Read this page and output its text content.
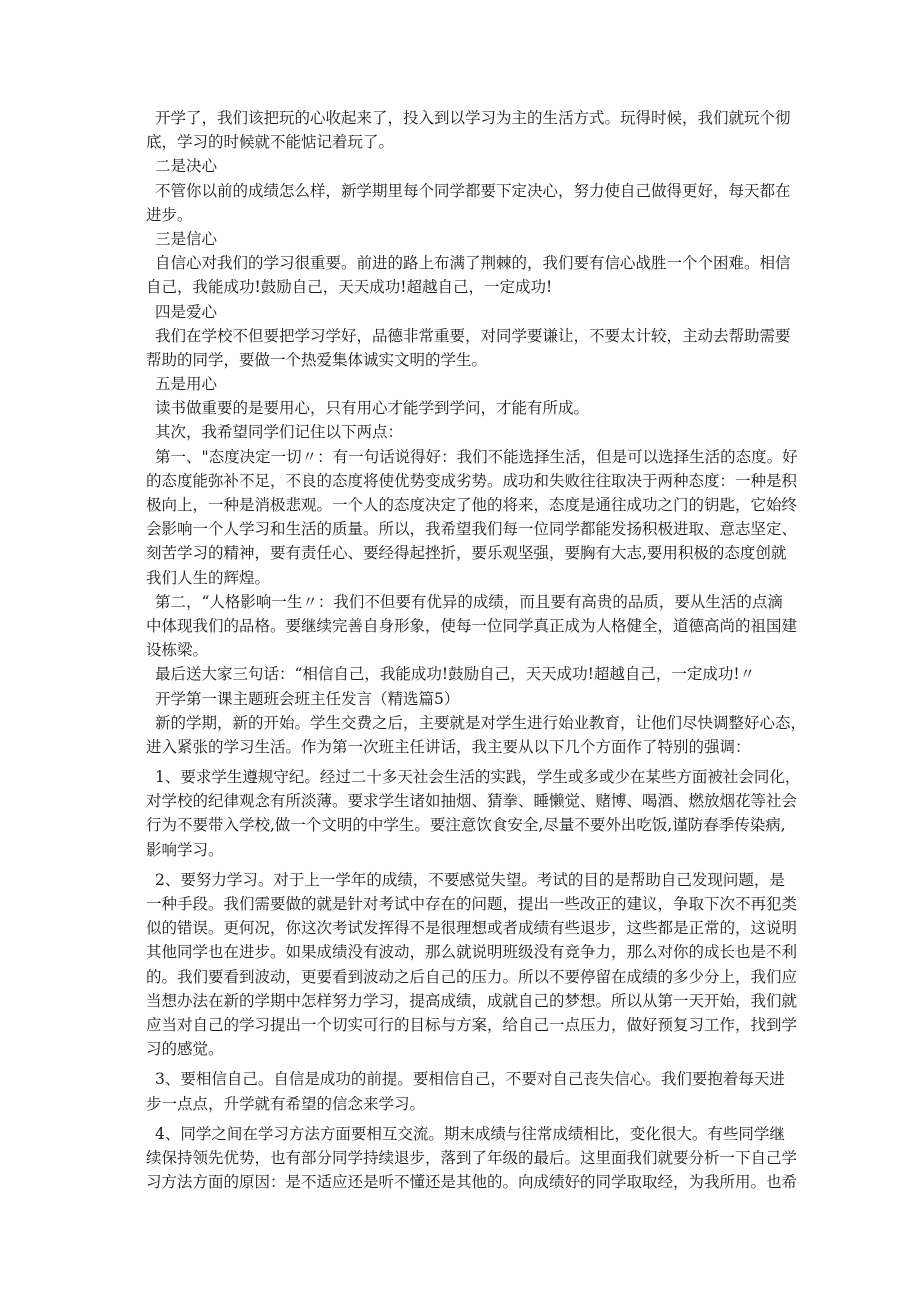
开学了，我们该把玩的心收起来了，投入到以学习为主的生活方式。玩得时候，我们就玩个彻
底，学习的时候就不能惦记着玩了。
二是决心
不管你以前的成绩怎么样，新学期里每个同学都要下定决心，努力使自己做得更好，每天都在
进步。
三是信心
自信心对我们的学习很重要。前进的路上布满了荆棘的，我们要有信心战胜一个个困难。相信
自己，我能成功!鼓励自己，天天成功!超越自己，一定成功!
四是爱心
我们在学校不但要把学习学好，品德非常重要，对同学要谦让，不要太计较，主动去帮助需要
帮助的同学，要做一个热爱集体诚实文明的学生。
五是用心
读书做重要的是要用心，只有用心才能学到学问，才能有所成。
其次，我希望同学们记住以下两点：
第一、"态度决定一切〃：有一句话说得好：我们不能选择生活，但是可以选择生活的态度。好
的态度能弥补不足，不良的态度将使优势变成劣势。成功和失败往往取决于两种态度：一种是积
极向上，一种是消极悲观。一个人的态度决定了他的将来，态度是通往成功之门的钥匙，它始终
会影响一个人学习和生活的质量。所以，我希望我们每一位同学都能发扬积极进取、意志坚定、
刻苦学习的精神，要有责任心、要经得起挫折，要乐观坚强，要胸有大志,要用积极的态度创就
我们人生的辉煌。
第二，“人格影响一生〃：我们不但要有优异的成绩，而且要有高贵的品质，要从生活的点滴
中体现我们的品格。要继续完善自身形象，使每一位同学真正成为人格健全，道德高尚的祖国建
设栋梁。
最后送大家三句话：“相信自己，我能成功!鼓励自己，天天成功!超越自己，一定成功!〃
开学第一课主题班会班主任发言（精选篇5）
新的学期，新的开始。学生交费之后，主要就是对学生进行始业教育，让他们尽快调整好心态，
进入紧张的学习生活。作为第一次班主任讲话，我主要从以下几个方面作了特别的强调：
1、要求学生遵规守纪。经过二十多天社会生活的实践，学生或多或少在某些方面被社会同化，
对学校的纪律观念有所淡薄。要求学生诸如抽烟、猜拳、睡懒觉、赌博、喝酒、燃放烟花等社会
行为不要带入学校,做一个文明的中学生。要注意饮食安全,尽量不要外出吃饭,谨防春季传染病,
影响学习。
2、要努力学习。对于上一学年的成绩，不要感觉失望。考试的目的是帮助自己发现问题，是
一种手段。我们需要做的就是针对考试中存在的问题，提出一些改正的建议，争取下次不再犯类
似的错误。更何况，你这次考试发挥得不是很理想或者成绩有些退步，这些都是正常的，这说明
其他同学也在进步。如果成绩没有波动，那么就说明班级没有竞争力，那么对你的成长也是不利
的。我们要看到波动，更要看到波动之后自己的压力。所以不要停留在成绩的多少分上，我们应
当想办法在新的学期中怎样努力学习，提高成绩，成就自己的梦想。所以从第一天开始，我们就
应当对自己的学习提出一个切实可行的目标与方案，给自己一点压力，做好预复习工作，找到学
习的感觉。
3、要相信自己。自信是成功的前提。要相信自己，不要对自己丧失信心。我们要抱着每天进
步一点点，升学就有希望的信念来学习。
4、同学之间在学习方法方面要相互交流。期末成绩与往常成绩相比，变化很大。有些同学继
续保持领先优势，也有部分同学持续退步，落到了年级的最后。这里面我们就要分析一下自己学
习方法方面的原因：是不适应还是听不懂还是其他的。向成绩好的同学取取经，为我所用。也希
